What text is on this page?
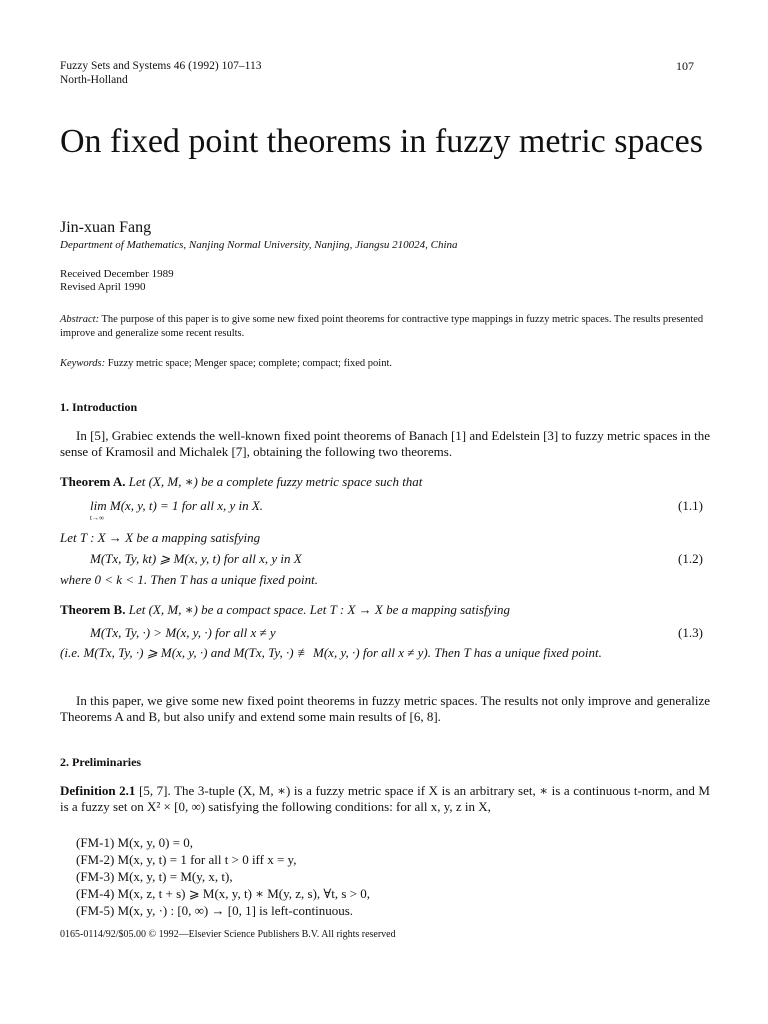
Fuzzy Sets and Systems 46 (1992) 107–113
North-Holland
107
On fixed point theorems in fuzzy metric spaces
Jin-xuan Fang
Department of Mathematics, Nanjing Normal University, Nanjing, Jiangsu 210024, China
Received December 1989
Revised April 1990
Abstract: The purpose of this paper is to give some new fixed point theorems for contractive type mappings in fuzzy metric spaces. The results presented improve and generalize some recent results.
Keywords: Fuzzy metric space; Menger space; complete; compact; fixed point.
1. Introduction
In [5], Grabiec extends the well-known fixed point theorems of Banach [1] and Edelstein [3] to fuzzy metric spaces in the sense of Kramosil and Michalek [7], obtaining the following two theorems.
Theorem A. Let (X, M, ∗) be a complete fuzzy metric space such that
lim M(x, y, t) = 1 for all x, y in X.
t→∞
(1.1)
Let T : X → X be a mapping satisfying
M(Tx, Ty, kt) ⩾ M(x, y, t) for all x, y in X	(1.2)
where 0 < k < 1. Then T has a unique fixed point.
Theorem B. Let (X, M, ∗) be a compact space. Let T : X → X be a mapping satisfying
M(Tx, Ty, ·) > M(x, y, ·) for all x ≠ y	(1.3)
(i.e. M(Tx, Ty, ·) ⩾ M(x, y, ·) and M(Tx, Ty, ·) ≢ M(x, y, ·) for all x ≠ y). Then T has a unique fixed point.
In this paper, we give some new fixed point theorems in fuzzy metric spaces. The results not only improve and generalize Theorems A and B, but also unify and extend some main results of [6, 8].
2. Preliminaries
Definition 2.1 [5, 7]. The 3-tuple (X, M, ∗) is a fuzzy metric space if X is an arbitrary set, ∗ is a continuous t-norm, and M is a fuzzy set on X² × [0, ∞) satisfying the following conditions: for all x, y, z in X,
(FM-1) M(x, y, 0) = 0,
(FM-2) M(x, y, t) = 1 for all t > 0 iff x = y,
(FM-3) M(x, y, t) = M(y, x, t),
(FM-4) M(x, z, t + s) ⩾ M(x, y, t) ∗ M(y, z, s), ∀t, s > 0,
(FM-5) M(x, y, ·) : [0, ∞) → [0, 1] is left-continuous.
0165-0114/92/$05.00 © 1992—Elsevier Science Publishers B.V. All rights reserved
